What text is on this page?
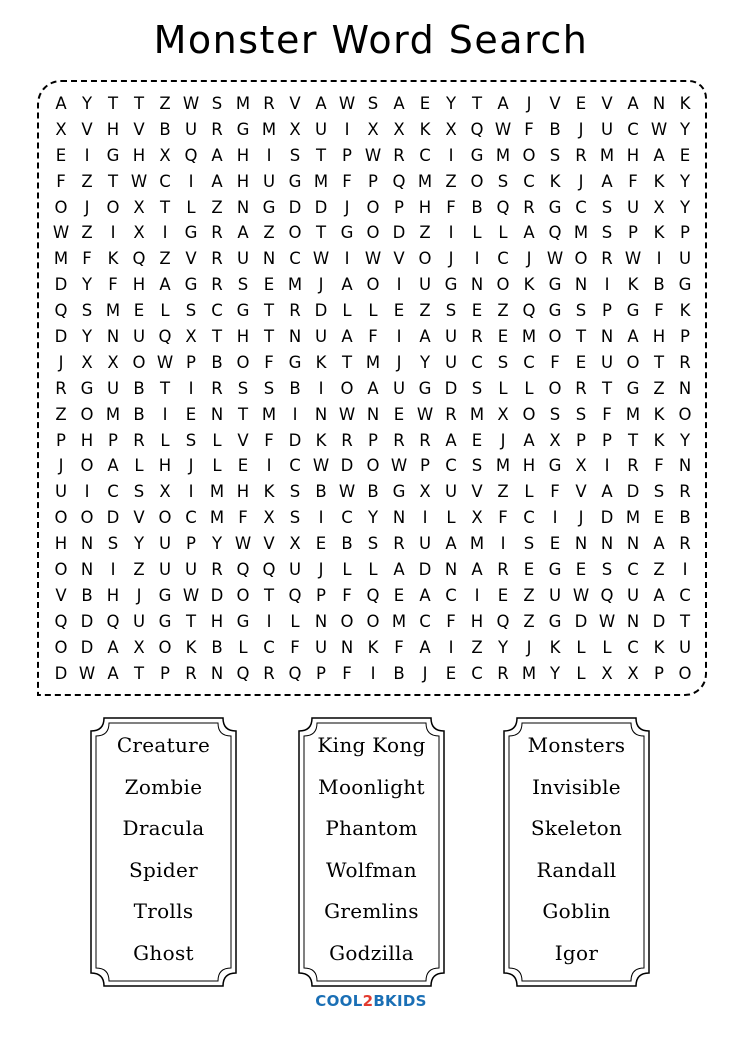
Monster Word Search
A Y T T Z W S M R V A W S A E Y T A	J	V E V A N K
X V H V B U R G M X U	I	X X K X Q W F B	J	U C W Y
E	I	G H X Q A H	I	S T P W R C	I	G M O S R M H A E
F Z T W C	I	A H U G M F P Q M Z O S C K	J	A F K Y
O	J	O X T L Z N G D D	J	O P H F B Q R G C S U X Y
W Z	I	X	I	G R A Z O T G O D Z	I	L	L A Q M S P K P
M F K Q Z V R U N C W I W V O	J	I	C	J W O R W I	U
D Y F H A G R S E M J	A O	I	U G N O K G N	I	K B G
Q S M E L S C G T R D L	L E Z S E Z Q G S P G F K
D Y N U Q X T H T N U A F	I	A U R E M O T N A H P
J	X X O W P B O F G K T M J	Y U C S C F E U O T R
R G U B T	I	R S S B	I	O A U G D S L	L O R T G Z N
Z O M B	I	E N T M I	N W N E W R M X O S S F M K O
P H P R L S L V F D K R P R R A E	J	A X P P T K Y
J	O A L H	J	L E	I	C W D O W P C S M H G X	I	R F N
U	I	C S X	I M H K S B W B G X U V Z L	F V A D S R
O O D V O C M F X S	I	C Y N	I	L X F C	I	J	D M E B
H N S Y U P Y W V X E B S R U A M I	S E N N N A R
O N	I	Z U U R Q Q U	J	L	L A D N A R E G E S C Z	I
V B H	J	G W D O T Q P F Q E A C	I	E Z U W Q U A C
Q D Q U G T H G	I	L N O O M C F H Q Z G D W N D T
O D A X O K B L C F U N K F A	I	Z Y	J	K L	L C K U
D W A T P R N Q R Q P F	I	B	J	E C R M Y L X X P O
Creature
Zombie
Dracula
Spider
Trolls
Ghost
King Kong
Moonlight
Phantom
Wolfman
Gremlins
Godzilla
Monsters
Invisible
Skeleton
Randall
Goblin
Igor
COOL2BKIDS
